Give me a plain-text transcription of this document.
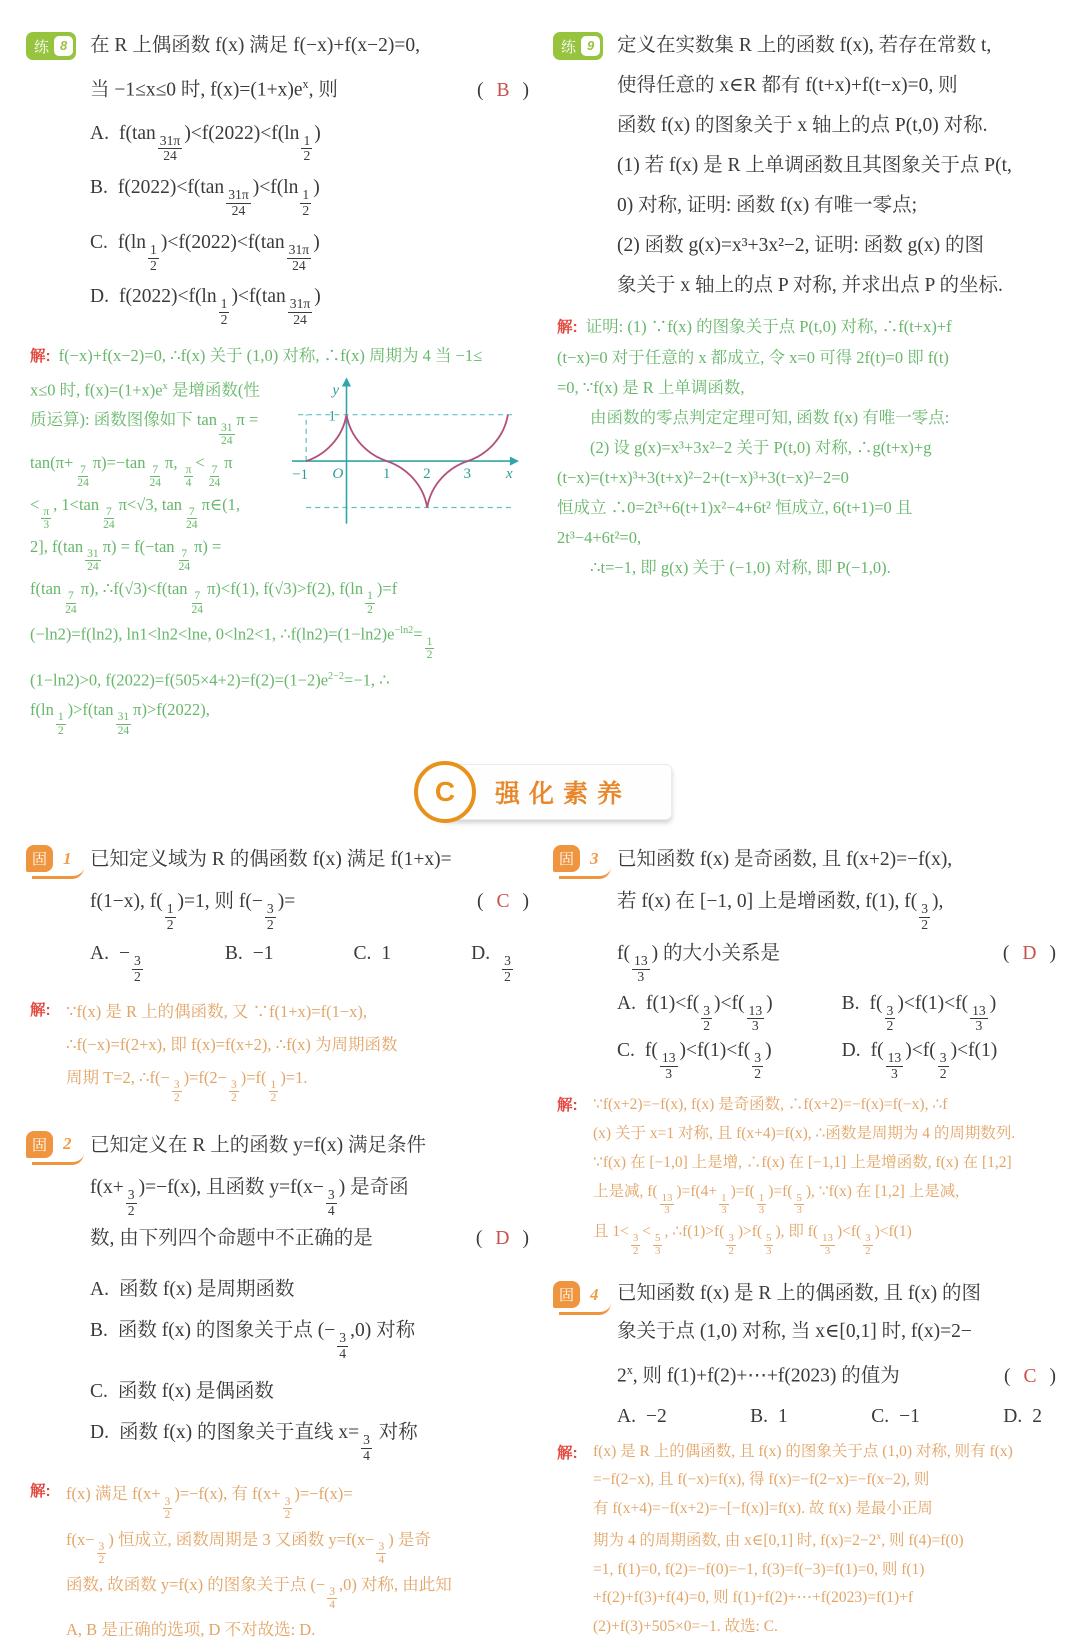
练 8	在 R 上偶函数 f(x) 满足 f(−x)+f(x−2)=0,
当 −1≤x≤0 时, $f(x)=(1+x)e^x$, 则	( B )
A. f(tan
$\frac{31\pi}{24}$
)<f(2022)<f(ln
$\frac{1}{2}$
)
B. f(2022)<f(tan
$\frac{31\pi}{24}$
)<f(ln
$\frac{1}{2}$
)
C. f(ln
$\frac{1}{2}$
)<f(2022)<f(tan
$\frac{31\pi}{24}$
)
D. f(2022)<f(ln
$\frac{1}{2}$
)<f(tan
$\frac{31\pi}{24}$
)

解: f(−x)+f(x−2)=0, ∴f(x) 关于 (1,0) 对称, ∴f(x) 周期为 4 当 −1≤

x≤0 时, $f(x)=(1+x)e^x$ 是增函数(性

质运算): 函数图像如下 tan
$\frac{31}{24}$
π =

tan(π+
$\frac{7}{24}$
π)=−tan
$\frac{7}{24}$
π,
$\frac{\pi}{4}$
<
$\frac{7}{24}$
π

<
$\frac{\pi}{3}$
, 1<tan
$\frac{7}{24}$
π<√3, tan
$\frac{7}{24}$
π∈(1,

2], f(tan
$\frac{31}{24}$
π) = f(−tan
$\frac{7}{24}$
π) =

y
x
1
−1 O	1 2 3

f(tan
$\frac{7}{24}$
π), ∴f(√3)<f(tan
$\frac{7}{24}$
π)<f(1), f(√3)>f(2), f(ln
$\frac{1}{2}$
)=f

(−ln2)=f(ln2), ln1<ln2<lne, 0<ln2<1, $\therefore f(\ln 2)=(1-\ln 2)e^{-ln2}=$
$\frac{1}{2}$

(1−ln2)>0, $f(2022)=f(505\times 4+2)=f(2)=(1-2)e^{2-2}=-1$, ∴

f(ln
$\frac{1}{2}$
)>f(tan
$\frac{31}{24}$
π)>f(2022),

练 9	定义在实数集 R 上的函数 f(x), 若存在常数 t,
使得任意的 x∈R 都有 f(t+x)+f(t−x)=0, 则
函数 f(x) 的图象关于 x 轴上的点 P(t,0) 对称.
(1) 若 f(x) 是 R 上单调函数且其图象关于点 P(t,
0) 对称, 证明: 函数 f(x) 有唯一零点;
(2) 函数 g(x)=x³+3x²−2, 证明: 函数 g(x) 的图
象关于 x 轴上的点 P 对称, 并求出点 P 的坐标.

解: 证明: (1) ∵f(x) 的图象关于点 P(t,0) 对称, ∴f(t+x)+f

(t−x)=0 对于任意的 x 都成立, 令 x=0 可得 2f(t)=0 即 f(t)

=0, ∵f(x) 是 R 上单调函数,

由函数的零点判定定理可知, 函数 f(x) 有唯一零点:

(2) 设 g(x)=x³+3x²−2 关于 P(t,0) 对称, ∴g(t+x)+g

(t−x)=(t+x)³+3(t+x)²−2+(t−x)³+3(t−x)²−2=0

恒成立 ∴0=2t³+6(t+1)x²−4+6t² 恒成立, 6(t+1)=0 且

2t³−4+6t²=0,

∴t=−1, 即 g(x) 关于 (−1,0) 对称, 即 P(−1,0).

C	强化素养
固 1 已知定义域为 R 的偶函数 f(x) 满足 f(1+x)=
f(1−x), f(
$\frac{1}{2}$
)=1, 则 f(−
$\frac{3}{2}$
)=	( C )
A. −
$\frac{3}{2}$
B. −1	C. 1	D.
$\frac{3}{2}$
解: ∵f(x) 是 R 上的偶函数, 又 ∵f(1+x)=f(1−x),

∴f(−x)=f(2+x), 即 f(x)=f(x+2), ∴f(x) 为周期函数

周期 T=2, ∴f(−
$\frac{3}{2}$
)=f(2−
$\frac{3}{2}$
)=f(
$\frac{1}{2}$
)=1.

固 2 已知定义在 R 上的函数 y=f(x) 满足条件
f(x+
$\frac{3}{2}$
)=−f(x), 且函数 y=f(x−
$\frac{3}{4}$
) 是奇函
数, 由下列四个命题中不正确的是	( D )
A. 函数 f(x) 是周期函数
B. 函数 f(x) 的图象关于点 (−
$\frac{3}{4}$
,0) 对称
C. 函数 f(x) 是偶函数
D. 函数 f(x) 的图象关于直线 x=
$\frac{3}{4}$
对称
解: f(x) 满足 f(x+
$\frac{3}{2}$
)=−f(x), 有 f(x+
$\frac{3}{2}$
)=−f(x)=

f(x−
$\frac{3}{2}$
) 恒成立, 函数周期是 3 又函数 y=f(x−
$\frac{3}{4}$
) 是奇

函数, 故函数 y=f(x) 的图象关于点 (−
$\frac{3}{4}$
,0) 对称, 由此知

A, B 是正确的选项, D 不对故选: D.

固 3 已知函数 f(x) 是奇函数, 且 f(x+2)=−f(x),
若 f(x) 在 [−1, 0] 上是增函数, f(1), f(
$\frac{3}{2}$
),
f(
$\frac{13}{3}$
) 的大小关系是	( D )
A. f(1)<f(
$\frac{3}{2}$
)<f(
$\frac{13}{3}$
)	B. f(
$\frac{3}{2}$
)<f(1)<f(
$\frac{13}{3}$
)
C. f(
$\frac{13}{3}$
)<f(1)<f(
$\frac{3}{2}$
)	D. f(
$\frac{13}{3}$
)<f(
$\frac{3}{2}$
)<f(1)
解: ∵f(x+2)=−f(x), f(x) 是奇函数, ∴f(x+2)=−f(x)=f(−x), ∴f

(x) 关于 x=1 对称, 且 f(x+4)=f(x), ∴函数是周期为 4 的周期数列.

∵f(x) 在 [−1,0] 上是增, ∴f(x) 在 [−1,1] 上是增函数, f(x) 在 [1,2]

上是减, f(
$\frac{13}{3}$
)=f(4+
$\frac{1}{3}$
)=f(
$\frac{1}{3}$
)=f(
$\frac{5}{3}$
), ∵f(x) 在 [1,2] 上是减,

且 1<
$\frac{3}{2}$
<
$\frac{5}{3}$
, ∴f(1)>f(
$\frac{3}{2}$
)>f(
$\frac{5}{3}$
), 即 f(
$\frac{13}{3}$
)<f(
$\frac{3}{2}$
)<f(1)

固 4 已知函数 f(x) 是 R 上的偶函数, 且 f(x) 的图
象关于点 (1,0) 对称, 当 x∈[0,1] 时, f(x)=2−
$2^x$, 则 f(1)+f(2)+⋯+f(2023) 的值为	( C )
A. −2	B. 1	C. −1	D. 2
解: f(x) 是 R 上的偶函数, 且 f(x) 的图象关于点 (1,0) 对称, 则有 f(x)

=−f(2−x), 且 f(−x)=f(x), 得 f(x)=−f(2−x)=−f(x−2), 则

有 f(x+4)=−f(x+2)=−[−f(x)]=f(x). 故 f(x) 是最小正周

期为 4 的周期函数, 由 x∈[0,1] 时, $f(x)=2-2^x$, 则 f(4)=f(0)

=1, f(1)=0, f(2)=−f(0)=−1, f(3)=f(−3)=f(1)=0, 则 f(1)

+f(2)+f(3)+f(4)=0, 则 f(1)+f(2)+⋯+f(2023)=f(1)+f

(2)+f(3)+505×0=−1. 故选: C.
